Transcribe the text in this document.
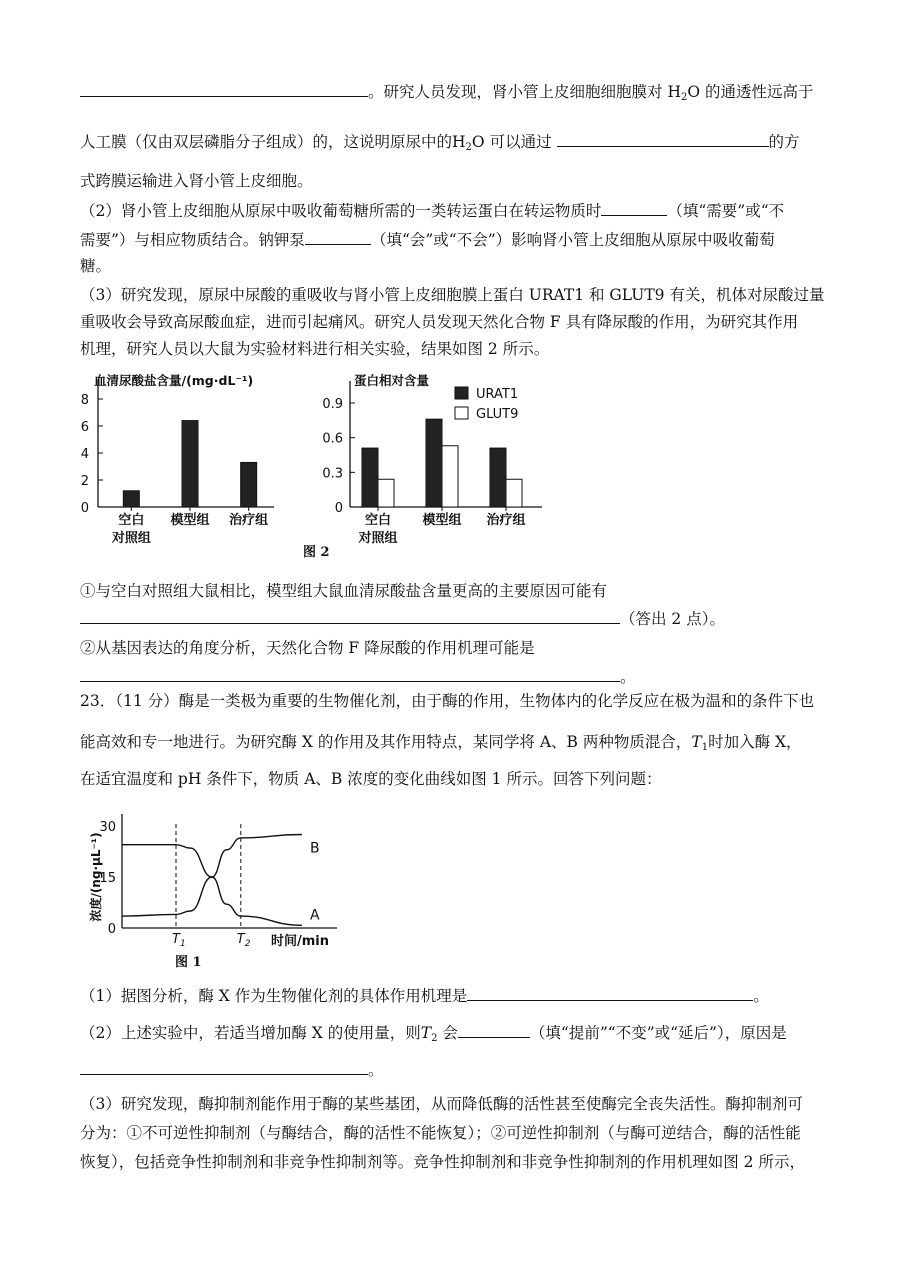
。研究人员发现，肾小管上皮细胞细胞膜对 $H_2O$ 的通透性远高于
人工膜（仅由双层磷脂分子组成）的，这说明原尿中的$H_2O$ 可以通过	的方
式跨膜运输进入肾小管上皮细胞。
（2）肾小管上皮细胞从原尿中吸收葡萄糖所需的一类转运蛋白在转运物质时	（填“需要”或“不
需要”）与相应物质结合。钠钾泵	（填“会”或“不会”）影响肾小管上皮细胞从原尿中吸收葡萄
糖。
（3）研究发现，原尿中尿酸的重吸收与肾小管上皮细胞膜上蛋白 URAT1 和 GLUT9 有关，机体对尿酸过量
重吸收会导致高尿酸血症，进而引起痛风。研究人员发现天然化合物 F 具有降尿酸的作用，为研究其作用
机理，研究人员以大鼠为实验材料进行相关实验，结果如图 2 所示。
血清尿酸盐含量/(mg·dL⁻¹)
0
2
4
6
8
空白
对照组
模型组 治疗组
蛋白相对含量
0
0.3
0.6
0.9
空白
对照组
模型组 治疗组
URAT1
GLUT9
图 2
①与空白对照组大鼠相比，模型组大鼠血清尿酸盐含量更高的主要原因可能有
（答出 2 点）。
②从基因表达的角度分析，天然化合物 F 降尿酸的作用机理可能是
。
23．（11 分）酶是一类极为重要的生物催化剂，由于酶的作用，生物体内的化学反应在极为温和的条件下也
能高效和专一地进行。为研究酶 X 的作用及其作用特点，某同学将 A、B 两种物质混合，$T_1$时加入酶 X，
在适宜温度和 pH 条件下，物质 A、B 浓度的变化曲线如图 1 所示。回答下列问题：
0
15
30
浓度/(ng·μL⁻¹)
$T_1$	$T_2$ 时间/min
B
A
图 1
（1）据图分析，酶 X 作为生物催化剂的具体作用机理是	。
（2）上述实验中，若适当增加酶 X 的使用量，则$T_2$ 会	（填“提前”“不变”或“延后”），原因是
。
（3）研究发现，酶抑制剂能作用于酶的某些基团，从而降低酶的活性甚至使酶完全丧失活性。酶抑制剂可
分为：①不可逆性抑制剂（与酶结合，酶的活性不能恢复）；②可逆性抑制剂（与酶可逆结合，酶的活性能
恢复），包括竞争性抑制剂和非竞争性抑制剂等。竞争性抑制剂和非竞争性抑制剂的作用机理如图 2 所示，
